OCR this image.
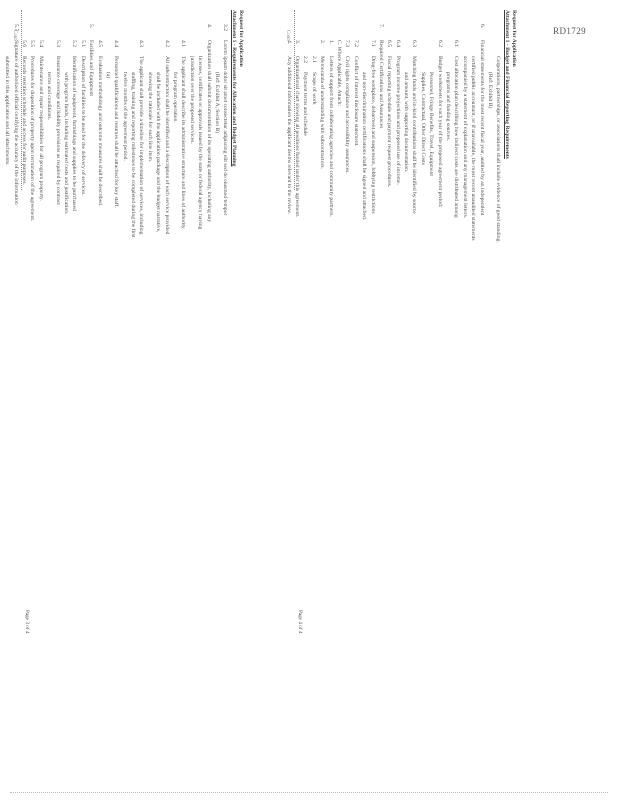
RD1729
Request for Application
Attachment 1 - Requirements for Allocation and Budget Planning
3.2Lorem ipsum dolor sit amet consectetur adipiscing elit sed do eiusmod tempor
(Ref: Exhibit A, Section B)
4.Organization shall submit documentation of its operating authority, including any
licenses, certificates or approvals issued by the state or federal agency having
jurisdiction over the proposed services.
4.1The applicant shall describe its administrative structure and lines of authority
for program operation.
4.2All subcontractors shall be identified and a description of each service provided
shall be included with the application package and the budget narrative,
showing the rationale for each line item.
4.3The applicant shall provide a timeline for implementation of services, including
staffing, training and reporting milestones to be completed during the first
twelve months of the agreement period.
4.4Personnel qualifications and resumes shall be attached for key staff.
(a)
4.5Evaluation methodology and outcome measures shall be described.
5.Facilities and Equipment
5.1Description of facilities to be used for the delivery of services.
5.2Identification of equipment, furnishings and supplies to be purchased
with program funds, including estimated costs and justification.
5.3Insurance coverage and liability provisions as required by contract
terms and conditions.
5.4Maintenance and repair responsibilities for all program property.
5.5Procedures for disposition of property upon termination of the agreement.
5.6Records retention schedule and access for audit purposes.
5.7Signature of authorized official certifying the accuracy of the information
submitted in this application and all attachments.
Cont.
Page 3 of 4
Request for Application
Attachment 1 - Budget and Financial Reporting Requirements
Corporations, partnerships, or associations shall include evidence of good standing.
(Ref: Exhibit B)
6.Financial statements for the most recent fiscal year, audited by an independent
certified public accountant, or if unavailable, the most recent unaudited statements
accompanied by a statement of explanation and any management letters.
6.1Cost allocation plan describing how indirect costs are distributed among
programs and funding sources.
6.2Budget worksheets for each year of the proposed agreement period:
Personnel, Fringe Benefits, Travel, Equipment
Supplies, Contractual, Other Direct Costs
6.3Matching funds and in-kind contributions shall be identified by source
and amount, with supporting documentation.
6.4Program income projections and proposed use of income.
6.5Fiscal reporting schedule and payment request procedures.
7.Required Certifications and Assurances
7.1Drug-free workplace, debarment and suspension, lobbying restrictions
and non-discrimination certifications shall be signed and attached.
7.2Conflict of interest disclosure statement.
7.3Civil rights compliance and accessibility assurances.
C. Where Applicable, Attach:
1.Letters of support from collaborating agencies and community partners.
2.Memoranda of understanding with subcontractors.
2.1Scope of work
2.2Payment terms and schedule
3.Organizational chart showing all positions funded under this agreement.
4.Any additional information the applicant deems relevant to the review.
Cont.
Page 4 of 4
